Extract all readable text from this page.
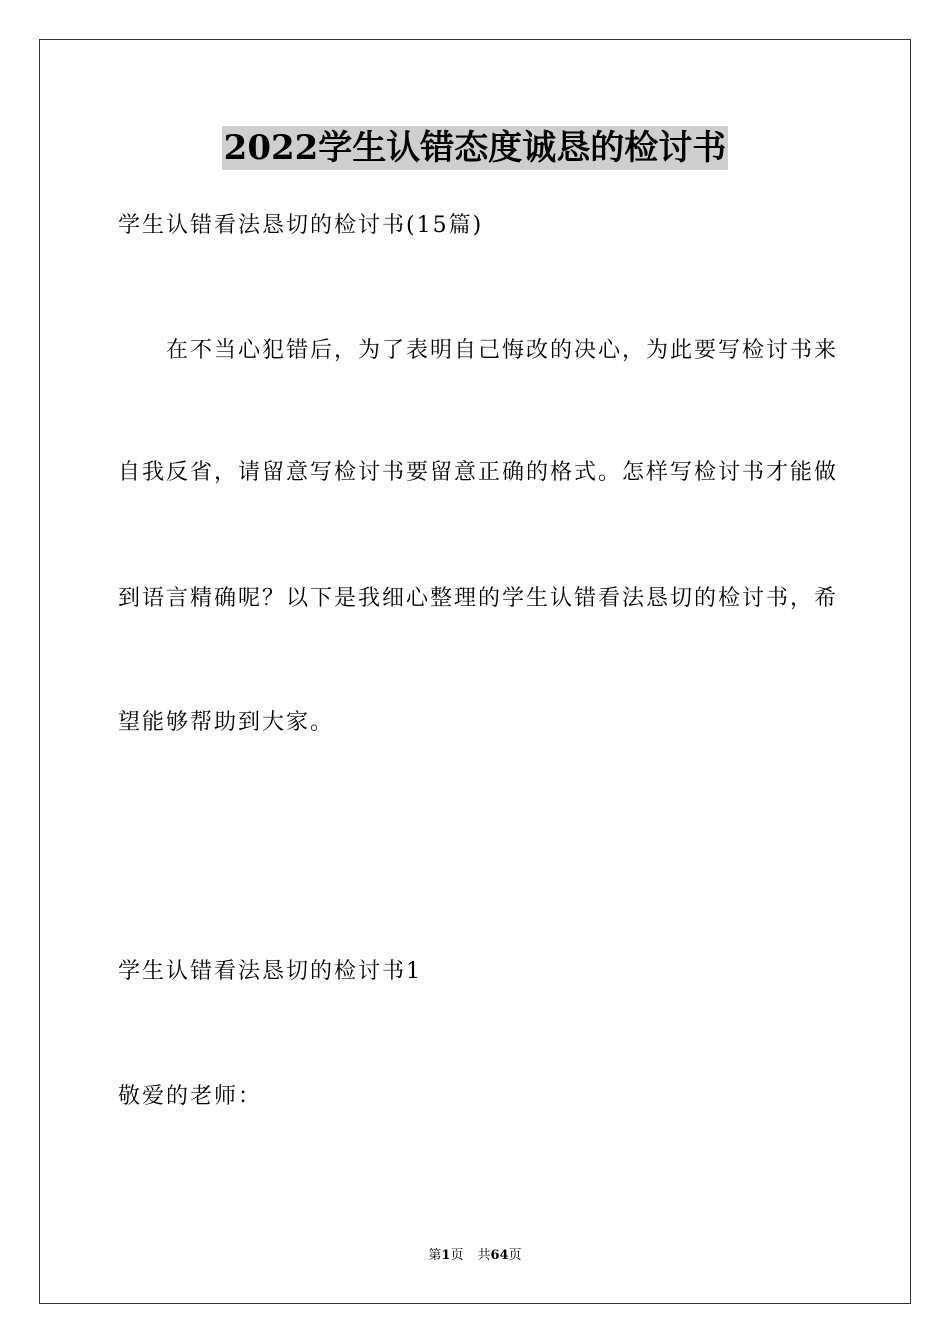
2022学生认错态度诚恳的检讨书
学生认错看法恳切的检讨书(15篇)
在不当心犯错后，为了表明自己悔改的决心，为此要写检讨书来
自我反省，请留意写检讨书要留意正确的格式。怎样写检讨书才能做
到语言精确呢？以下是我细心整理的学生认错看法恳切的检讨书，希
望能够帮助到大家。
学生认错看法恳切的检讨书1
敬爱的老师：
第1页 共64页
